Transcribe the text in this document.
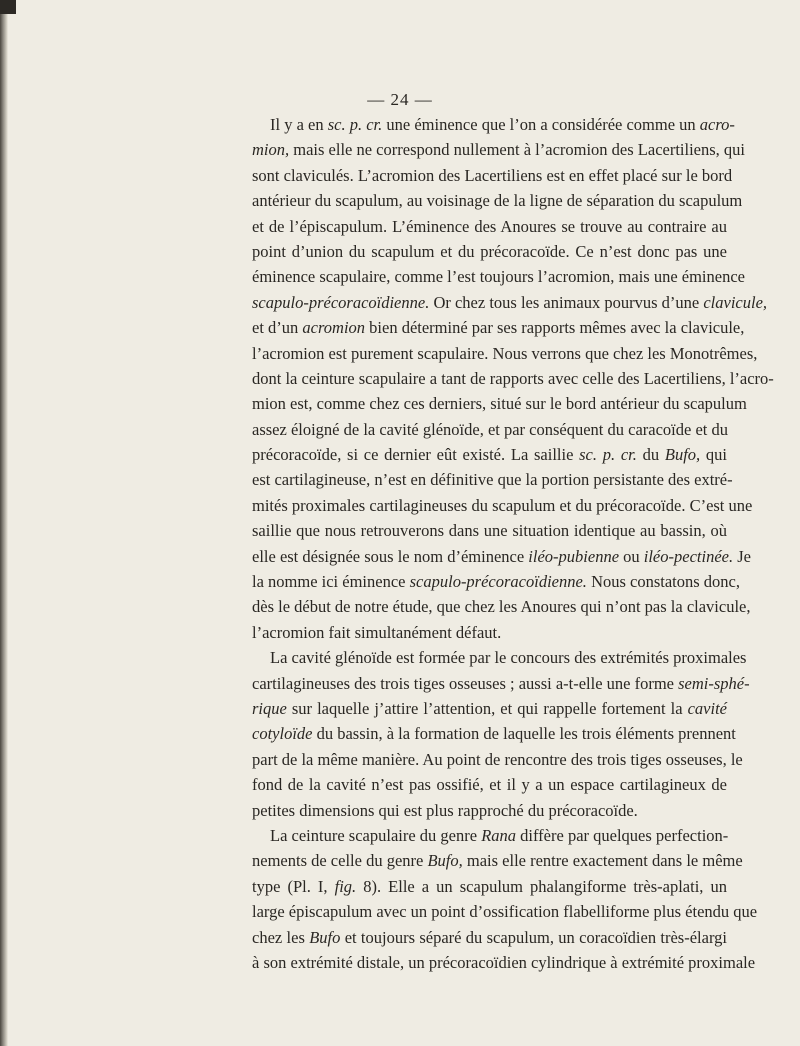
— 24 —
Il y a en sc. p. cr. une éminence que l’on a considérée comme un acro-
mion, mais elle ne correspond nullement à l’acromion des Lacertiliens, qui
sont claviculés. L’acromion des Lacertiliens est en effet placé sur le bord
antérieur du scapulum, au voisinage de la ligne de séparation du scapulum
et de l’épiscapulum. L’éminence des Anoures se trouve au contraire au
point d’union du scapulum et du précoracoïde. Ce n’est donc pas une
éminence scapulaire, comme l’est toujours l’acromion, mais une éminence
scapulo-précoracoïdienne. Or chez tous les animaux pourvus d’une clavicule,
et d’un acromion bien déterminé par ses rapports mêmes avec la clavicule,
l’acromion est purement scapulaire. Nous verrons que chez les Monotrêmes,
dont la ceinture scapulaire a tant de rapports avec celle des Lacertiliens, l’acro-
mion est, comme chez ces derniers, situé sur le bord antérieur du scapulum
assez éloigné de la cavité glénoïde, et par conséquent du caracoïde et du
précoracoïde, si ce dernier eût existé. La saillie sc. p. cr. du Bufo, qui
est cartilagineuse, n’est en définitive que la portion persistante des extré-
mités proximales cartilagineuses du scapulum et du précoracoïde. C’est une
saillie que nous retrouverons dans une situation identique au bassin, où
elle est désignée sous le nom d’éminence iléo-pubienne ou iléo-pectinée. Je
la nomme ici éminence scapulo-précoracoïdienne. Nous constatons donc,
dès le début de notre étude, que chez les Anoures qui n’ont pas la clavicule,
l’acromion fait simultanément défaut.
La cavité glénoïde est formée par le concours des extrémités proximales
cartilagineuses des trois tiges osseuses ; aussi a-t-elle une forme semi-sphé-
rique sur laquelle j’attire l’attention, et qui rappelle fortement la cavité
cotyloïde du bassin, à la formation de laquelle les trois éléments prennent
part de la même manière. Au point de rencontre des trois tiges osseuses, le
fond de la cavité n’est pas ossifié, et il y a un espace cartilagineux de
petites dimensions qui est plus rapproché du précoracoïde.
La ceinture scapulaire du genre Rana diffère par quelques perfection-
nements de celle du genre Bufo, mais elle rentre exactement dans le même
type (Pl. I, fig. 8). Elle a un scapulum phalangiforme très-aplati, un
large épiscapulum avec un point d’ossification flabelliforme plus étendu que
chez les Bufo et toujours séparé du scapulum, un coracoïdien très-élargi
à son extrémité distale, un précoracoïdien cylindrique à extrémité proximale
